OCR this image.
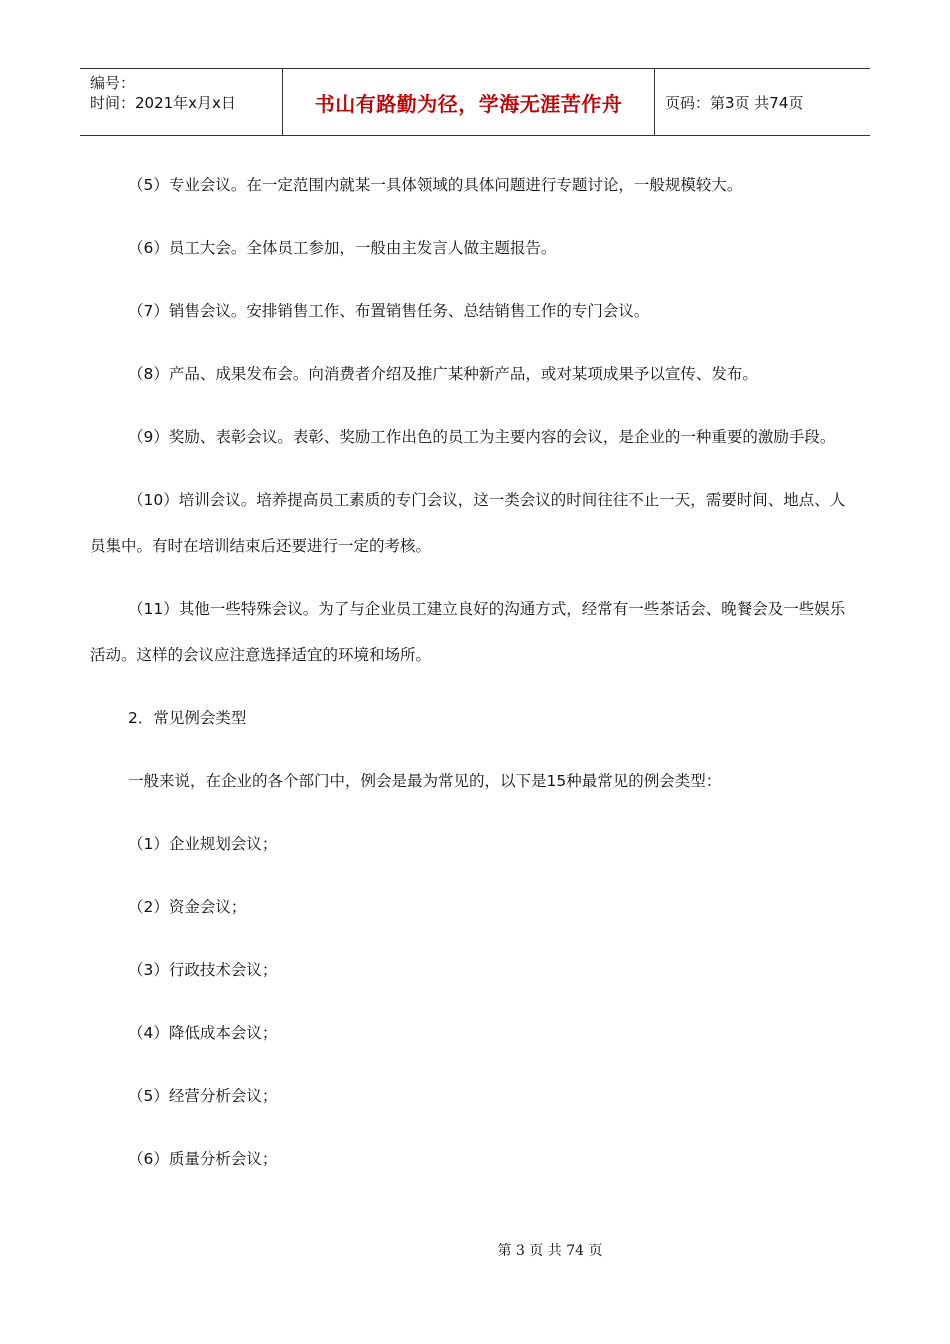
编号：
时间：2021年x月x日	书山有路勤为径，学海无涯苦作舟	页码：第3页 共74页

（5）专业会议。在一定范围内就某一具体领域的具体问题进行专题讨论，一般规模较大。

（6）员工大会。全体员工参加，一般由主发言人做主题报告。

（7）销售会议。安排销售工作、布置销售任务、总结销售工作的专门会议。

（8）产品、成果发布会。向消费者介绍及推广某种新产品，或对某项成果予以宣传、发布。

（9）奖励、表彰会议。表彰、奖励工作出色的员工为主要内容的会议，是企业的一种重要的激励手段。

（10）培训会议。培养提高员工素质的专门会议，这一类会议的时间往往不止一天，需要时间、地点、人员集中。有时在培训结束后还要进行一定的考核。

（11）其他一些特殊会议。为了与企业员工建立良好的沟通方式，经常有一些茶话会、晚餐会及一些娱乐活动。这样的会议应注意选择适宜的环境和场所。

2．常见例会类型

一般来说，在企业的各个部门中，例会是最为常见的，以下是15种最常见的例会类型：

（1）企业规划会议；

（2）资金会议；

（3）行政技术会议；

（4）降低成本会议；

（5）经营分析会议；

（6）质量分析会议；

第 3 页 共 74 页
